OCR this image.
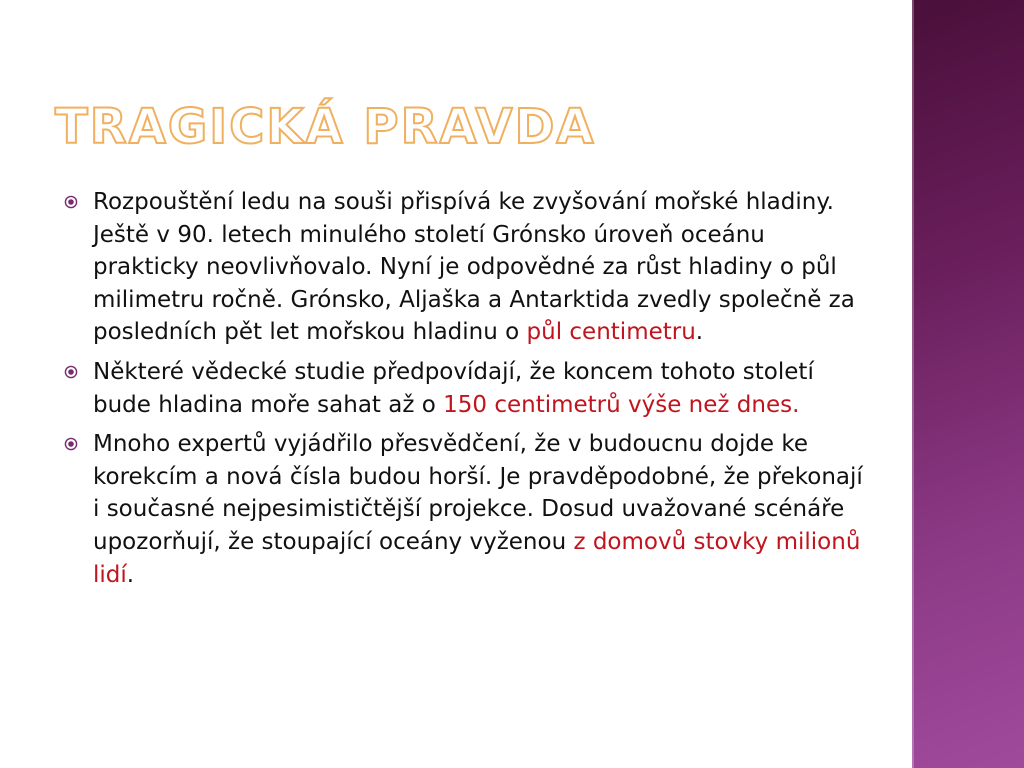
TRAGICKÁ PRAVDA
Rozpouštění ledu na souši přispívá ke zvyšování mořské hladiny. Ještě v 90. letech minulého století Grónsko úroveň oceánu prakticky neovlivňovalo. Nyní je odpovědné za růst hladiny o půl milimetru ročně. Grónsko, Aljaška a Antarktida zvedly společně za posledních pět let mořskou hladinu o půl centimetru.
Některé vědecké studie předpovídají, že koncem tohoto století bude hladina moře sahat až o 150 centimetrů výše než dnes.
Mnoho expertů vyjádřilo přesvědčení, že v budoucnu dojde ke korekcím a nová čísla budou horší. Je pravděpodobné, že překonají i současné nejpesimističtější projekce. Dosud uvažované scénáře upozorňují, že stoupající oceány vyženou z domovů stovky milionů lidí.
